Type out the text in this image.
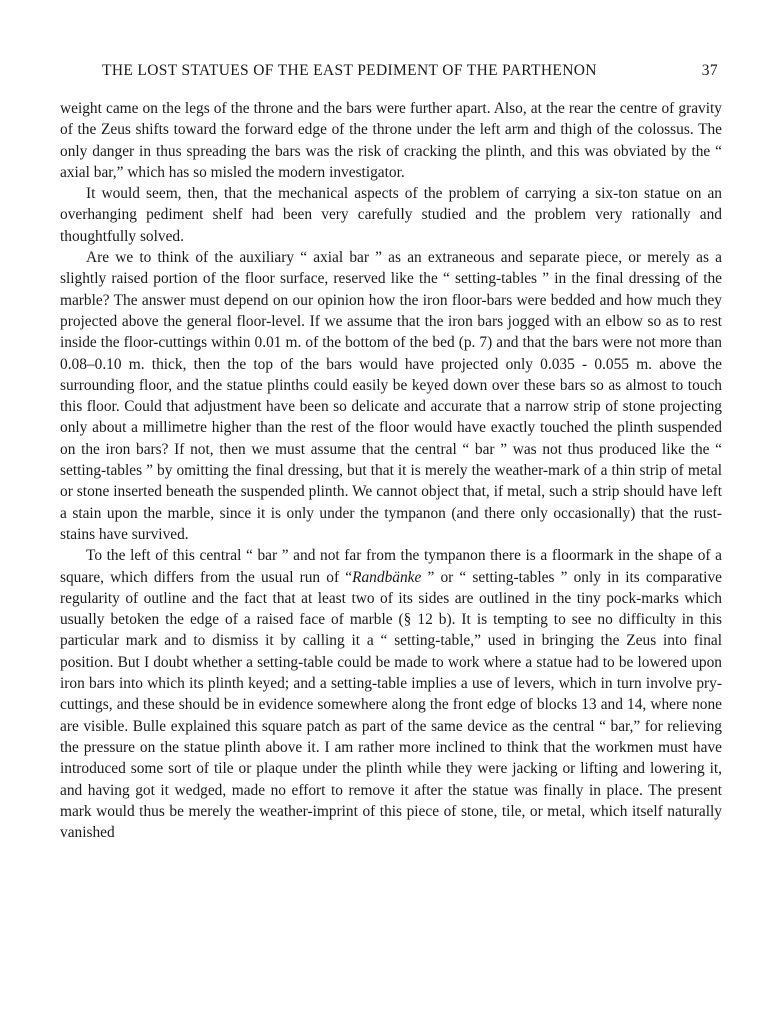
THE LOST STATUES OF THE EAST PEDIMENT OF THE PARTHENON	37

weight came on the legs of the throne and the bars were further apart. Also, at the rear the centre of gravity of the Zeus shifts toward the forward edge of the throne under the left arm and thigh of the colossus. The only danger in thus spreading the bars was the risk of cracking the plinth, and this was obviated by the “ axial bar,” which has so misled the modern investigator.

It would seem, then, that the mechanical aspects of the problem of carrying a six-ton statue on an overhanging pediment shelf had been very carefully studied and the problem very rationally and thoughtfully solved.

Are we to think of the auxiliary “ axial bar ” as an extraneous and separate piece, or merely as a slightly raised portion of the floor surface, reserved like the “ setting-tables ” in the final dressing of the marble? The answer must depend on our opinion how the iron floor-bars were bedded and how much they projected above the general floor-level. If we assume that the iron bars jogged with an elbow so as to rest inside the floor-cuttings within 0.01 m. of the bottom of the bed (p. 7) and that the bars were not more than 0.08–0.10 m. thick, then the top of the bars would have projected only 0.035 - 0.055 m. above the surrounding floor, and the statue plinths could easily be keyed down over these bars so as almost to touch this floor. Could that adjustment have been so delicate and accurate that a narrow strip of stone projecting only about a millimetre higher than the rest of the floor would have exactly touched the plinth suspended on the iron bars? If not, then we must assume that the central “ bar ” was not thus produced like the “ setting-tables ” by omitting the final dressing, but that it is merely the weather-mark of a thin strip of metal or stone inserted beneath the suspended plinth. We cannot object that, if metal, such a strip should have left a stain upon the marble, since it is only under the tympanon (and there only occasionally) that the rust-stains have survived.

To the left of this central “ bar ” and not far from the tympanon there is a floormark in the shape of a square, which differs from the usual run of “Randbänke ” or “ setting-tables ” only in its comparative regularity of outline and the fact that at least two of its sides are outlined in the tiny pock-marks which usually betoken the edge of a raised face of marble (§ 12 b). It is tempting to see no difficulty in this particular mark and to dismiss it by calling it a “ setting-table,” used in bringing the Zeus into final position. But I doubt whether a setting-table could be made to work where a statue had to be lowered upon iron bars into which its plinth keyed; and a setting-table implies a use of levers, which in turn involve pry-cuttings, and these should be in evidence somewhere along the front edge of blocks 13 and 14, where none are visible. Bulle explained this square patch as part of the same device as the central “ bar,” for relieving the pressure on the statue plinth above it. I am rather more inclined to think that the workmen must have introduced some sort of tile or plaque under the plinth while they were jacking or lifting and lowering it, and having got it wedged, made no effort to remove it after the statue was finally in place. The present mark would thus be merely the weather-imprint of this piece of stone, tile, or metal, which itself naturally vanished
